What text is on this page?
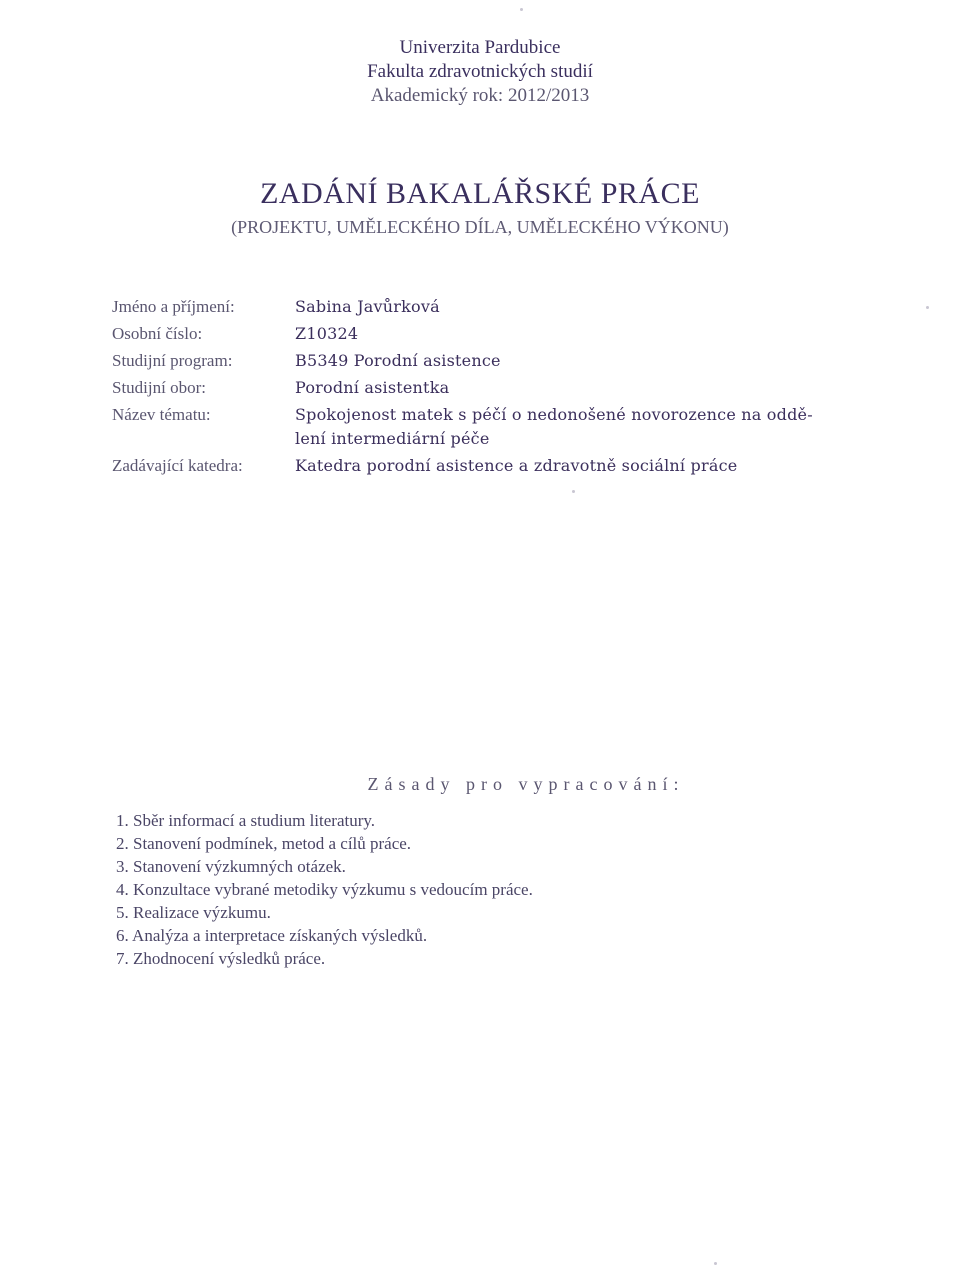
Univerzita Pardubice
Fakulta zdravotnických studií
Akademický rok: 2012/2013
ZADÁNÍ BAKALÁŘSKÉ PRÁCE
(PROJEKTU, UMĚLECKÉHO DÍLA, UMĚLECKÉHO VÝKONU)
Jméno a příjmení:	Sabina Javůrková
Osobní číslo:	Z10324
Studijní program:	B5349 Porodní asistence
Studijní obor:	Porodní asistentka
Název tématu:	Spokojenost matek s péčí o nedonošené novorozence na oddě-
lení intermediární péče
Zadávající katedra:	Katedra porodní asistence a zdravotně sociální práce
Zásady pro vypracování:
1. Sběr informací a studium literatury.
2. Stanovení podmínek, metod a cílů práce.
3. Stanovení výzkumných otázek.
4. Konzultace vybrané metodiky výzkumu s vedoucím práce.
5. Realizace výzkumu.
6. Analýza a interpretace získaných výsledků.
7. Zhodnocení výsledků práce.
